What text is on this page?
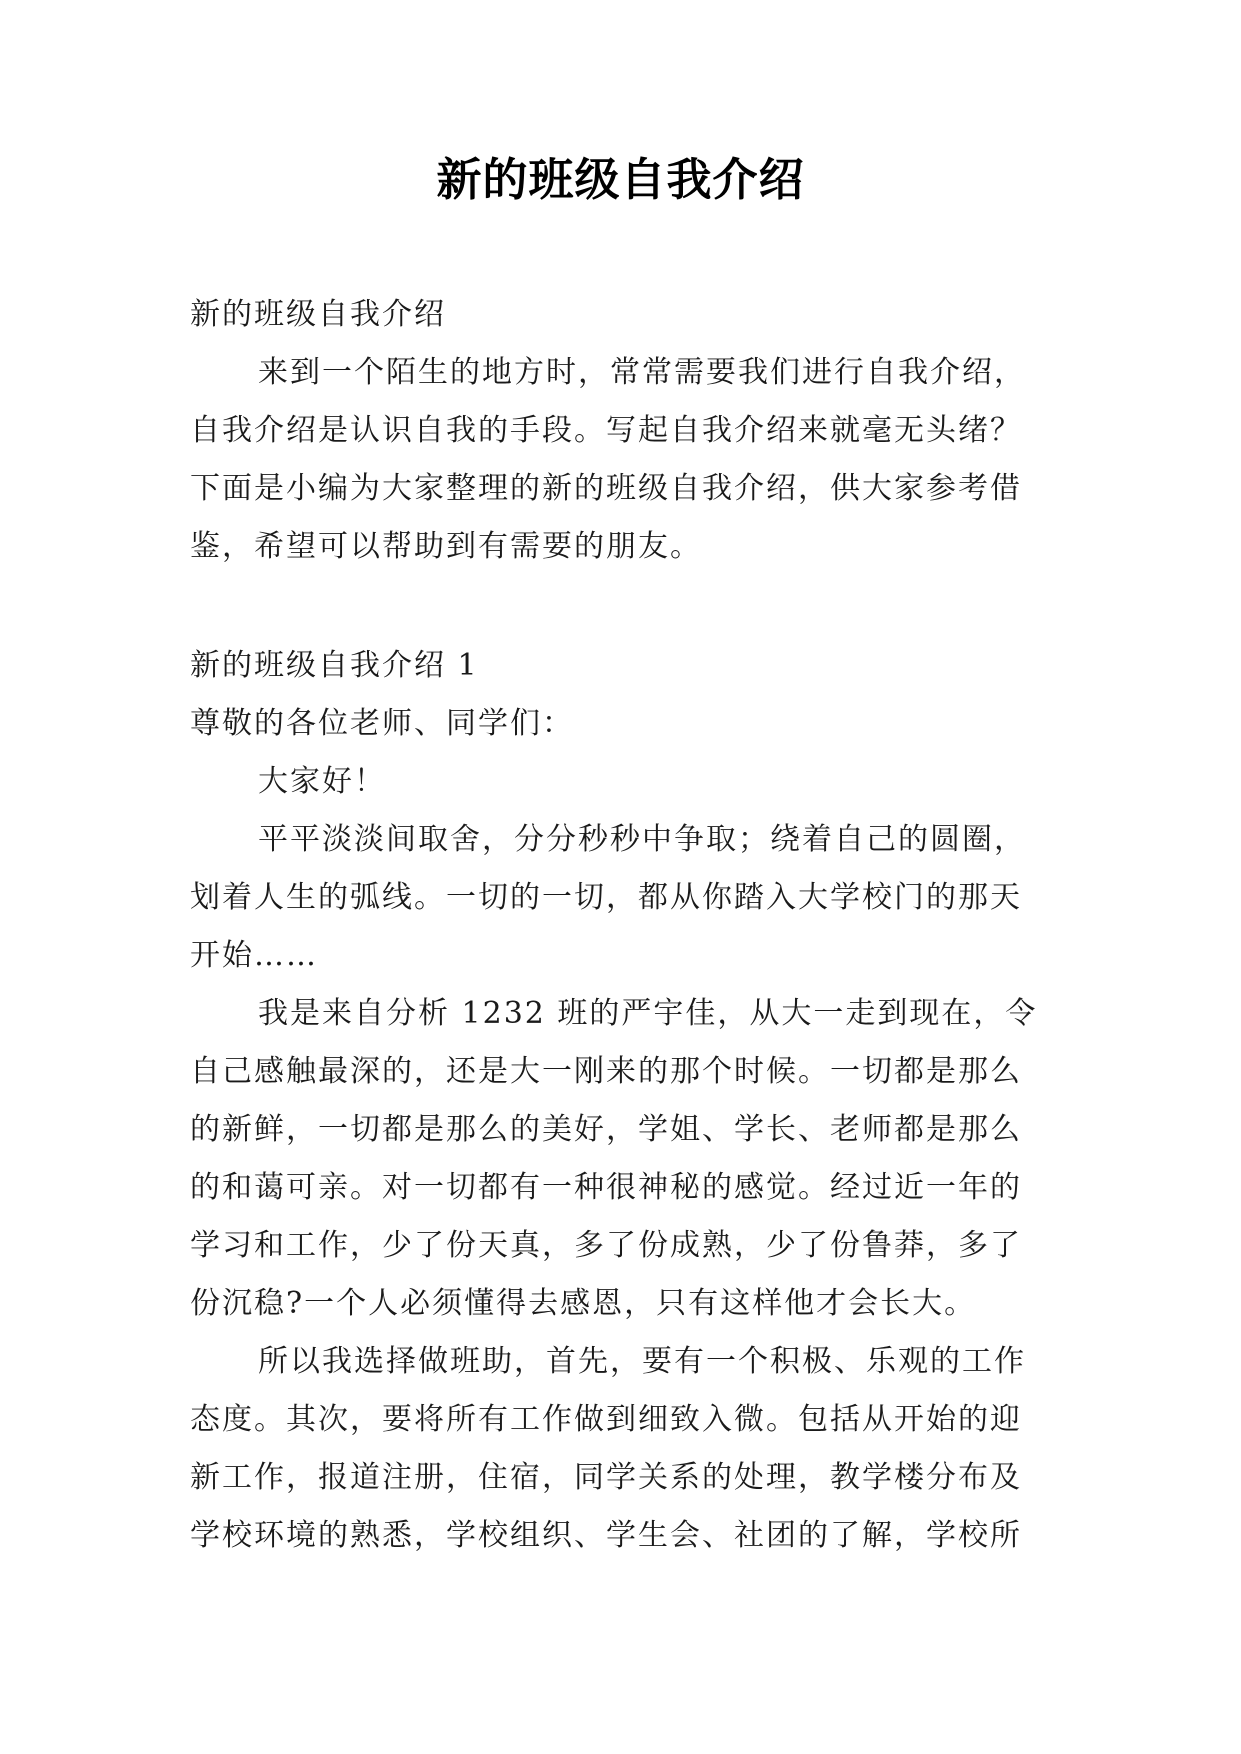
新的班级自我介绍

新的班级自我介绍

来到一个陌生的地方时，常常需要我们进行自我介绍，自我介绍是认识自我的手段。写起自我介绍来就毫无头绪？下面是小编为大家整理的新的班级自我介绍，供大家参考借鉴，希望可以帮助到有需要的朋友。

新的班级自我介绍 1

尊敬的各位老师、同学们：

大家好！

平平淡淡间取舍，分分秒秒中争取；绕着自己的圆圈，划着人生的弧线。一切的一切，都从你踏入大学校门的那天开始……

我是来自分析 1232 班的严宇佳，从大一走到现在，令自己感触最深的，还是大一刚来的那个时候。一切都是那么的新鲜，一切都是那么的美好，学姐、学长、老师都是那么的和蔼可亲。对一切都有一种很神秘的感觉。经过近一年的学习和工作，少了份天真，多了份成熟，少了份鲁莽，多了份沉稳?一个人必须懂得去感恩，只有这样他才会长大。

所以我选择做班助，首先，要有一个积极、乐观的工作态度。其次，要将所有工作做到细致入微。包括从开始的迎新工作，报道注册，住宿，同学关系的处理，教学楼分布及学校环境的熟悉，学校组织、学生会、社团的了解，学校所
